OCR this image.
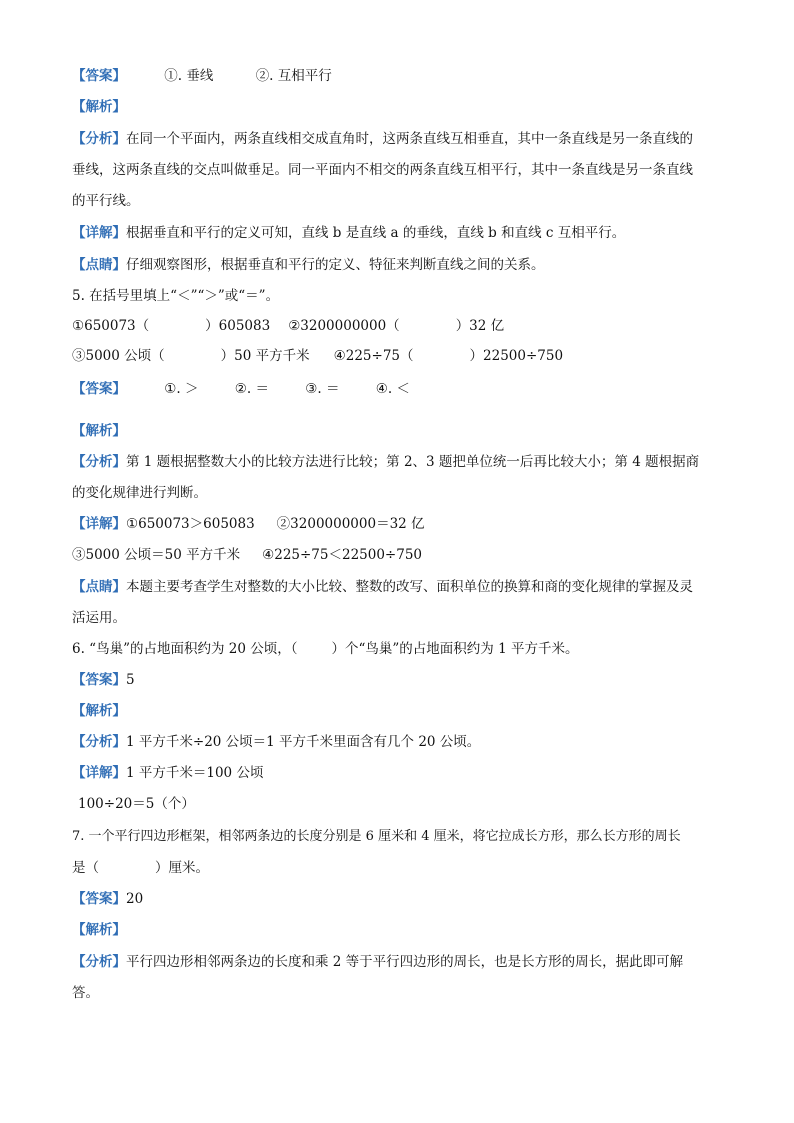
【答案】	①. 垂线	②. 互相平行
【解析】
【分析】在同一个平面内，两条直线相交成直角时，这两条直线互相垂直，其中一条直线是另一条直线的
垂线，这两条直线的交点叫做垂足。同一平面内不相交的两条直线互相平行，其中一条直线是另一条直线
的平行线。
【详解】根据垂直和平行的定义可知，直线 b 是直线 a 的垂线，直线 b 和直线 c 互相平行。
【点睛】仔细观察图形，根据垂直和平行的定义、特征来判断直线之间的关系。
5. 在括号里填上“＜”“＞”或“＝”。
①650073（	）605083 ②3200000000（	）32 亿
③5000 公顷（	）50 平方千米 ④225÷75（	）22500÷750
【答案】	①. ＞	②. ＝	③. ＝	④. ＜
【解析】
【分析】第 1 题根据整数大小的比较方法进行比较；第 2、3 题把单位统一后再比较大小；第 4 题根据商
的变化规律进行判断。
【详解】①650073＞605083 ②3200000000＝32 亿
③5000 公顷＝50 平方千米 ④225÷75＜22500÷750
【点睛】本题主要考查学生对整数的大小比较、整数的改写、面积单位的换算和商的变化规律的掌握及灵
活运用。
6. “鸟巢”的占地面积约为 20 公顷，（	）个“鸟巢”的占地面积约为 1 平方千米。
【答案】5
【解析】
【分析】1 平方千米÷20 公顷＝1 平方千米里面含有几个 20 公顷。
【详解】1 平方千米＝100 公顷
100÷20＝5（个）
7. 一个平行四边形框架，相邻两条边的长度分别是 6 厘米和 4 厘米，将它拉成长方形，那么长方形的周长
是（	）厘米。
【答案】20
【解析】
【分析】平行四边形相邻两条边的长度和乘 2 等于平行四边形的周长，也是长方形的周长，据此即可解
答。
